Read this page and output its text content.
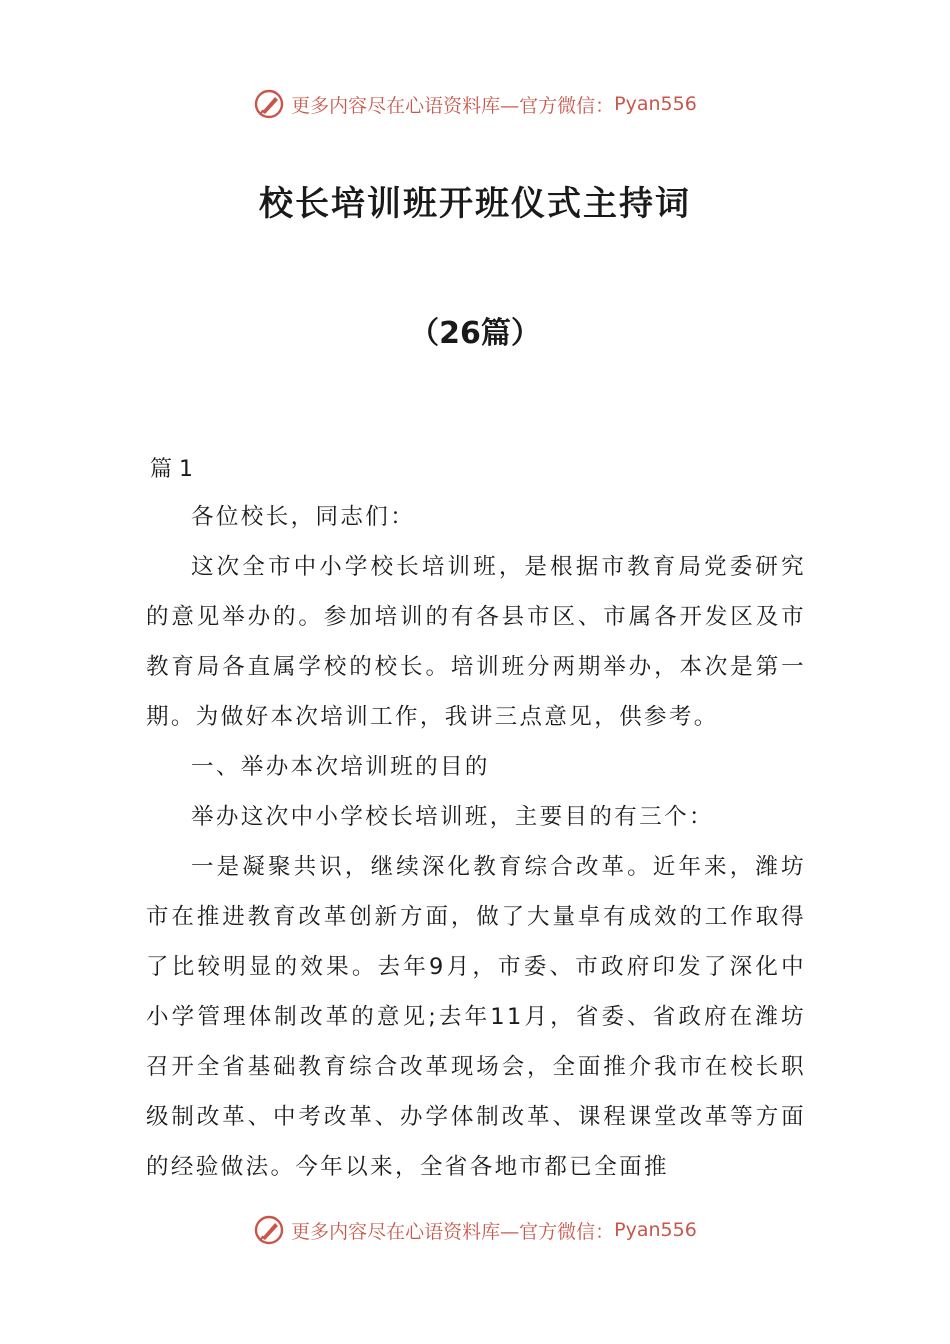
更多内容尽在心语资料库—官方微信： Pyan556
校长培训班开班仪式主持词
（26篇）
篇 1

各位校长，同志们：

这次全市中小学校长培训班，是根据市教育局党委研究的意见举办的。参加培训的有各县市区、市属各开发区及市教育局各直属学校的校长。培训班分两期举办，本次是第一期。为做好本次培训工作，我讲三点意见，供参考。

一、举办本次培训班的目的

举办这次中小学校长培训班，主要目的有三个：

一是凝聚共识，继续深化教育综合改革。近年来，潍坊市在推进教育改革创新方面，做了大量卓有成效的工作取得了比较明显的效果。去年9月，市委、市政府印发了深化中小学管理体制改革的意见;去年11月，省委、省政府在潍坊召开全省基础教育综合改革现场会，全面推介我市在校长职级制改革、中考改革、办学体制改革、课程课堂改革等方面的经验做法。今年以来，全省各地市都已全面推

更多内容尽在心语资料库—官方微信： Pyan556
